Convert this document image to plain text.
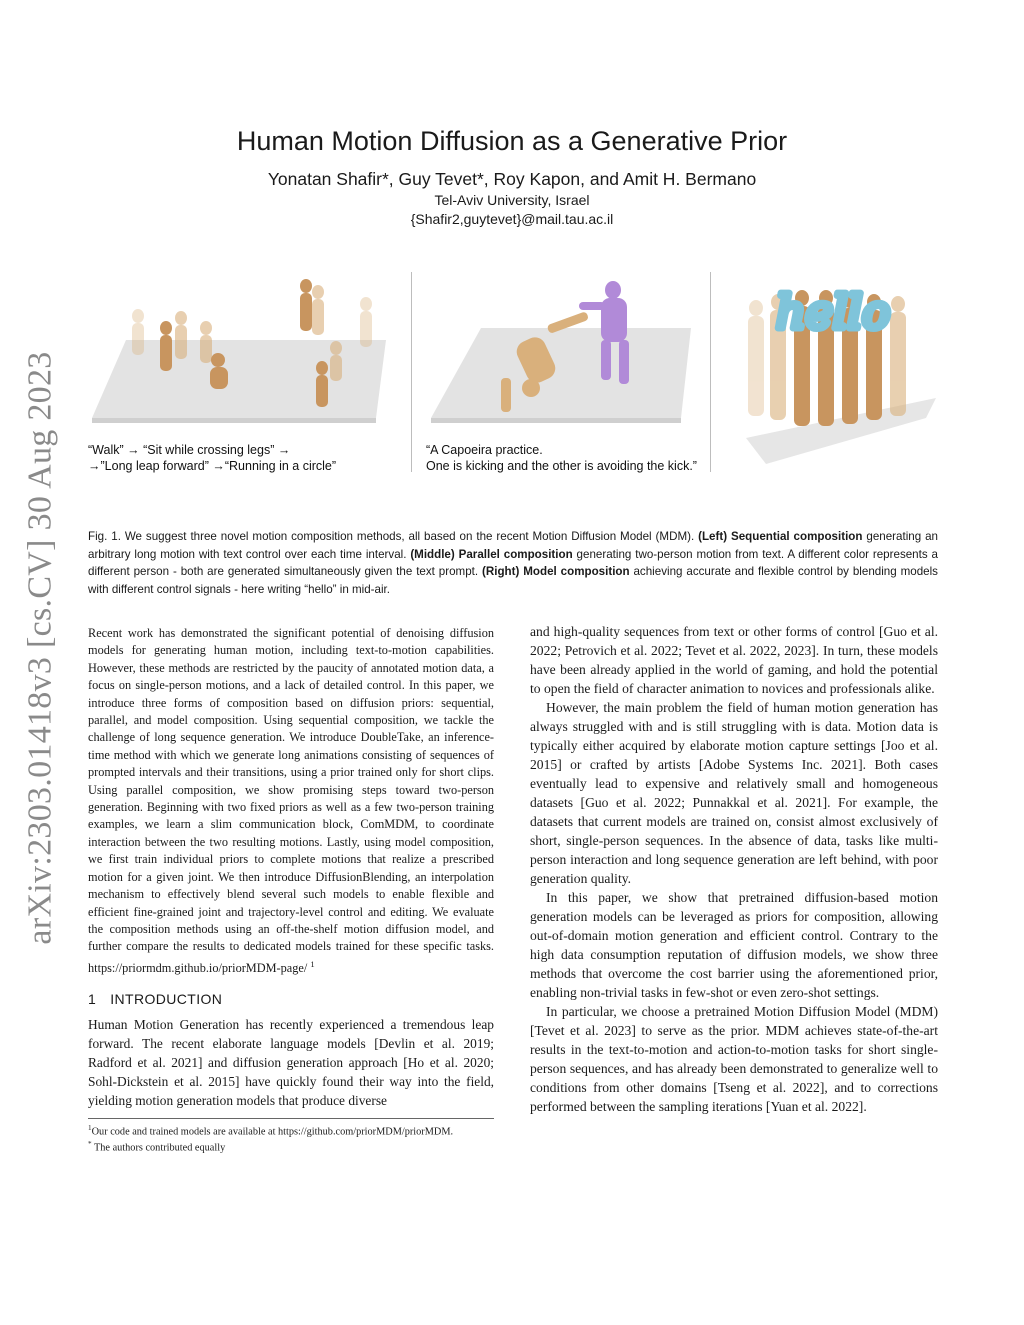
arXiv:2303.01418v3 [cs.CV] 30 Aug 2023
Human Motion Diffusion as a Generative Prior
Yonatan Shafir*, Guy Tevet*, Roy Kapon, and Amit H. Bermano
Tel-Aviv University, Israel
{Shafir2,guytevet}@mail.tau.ac.il
“Walk” → “Sit while crossing legs” →
→”Long leap forward” →“Running in a circle”
“A Capoeira practice.
One is kicking and the other is avoiding the kick.”
hello
Fig. 1. We suggest three novel motion composition methods, all based on the recent Motion Diffusion Model (MDM). (Left) Sequential composition generating an arbitrary long motion with text control over each time interval. (Middle) Parallel composition generating two-person motion from text. A different color represents a different person - both are generated simultaneously given the text prompt. (Right) Model composition achieving accurate and flexible control by blending models with different control signals - here writing “hello” in mid-air.

Recent work has demonstrated the significant potential of denoising diffusion models for generating human motion, including text-to-motion capabilities. However, these methods are restricted by the paucity of annotated motion data, a focus on single-person motions, and a lack of detailed control. In this paper, we introduce three forms of composition based on diffusion priors: sequential, parallel, and model composition. Using sequential composition, we tackle the challenge of long sequence generation. We introduce DoubleTake, an inference-time method with which we generate long animations consisting of sequences of prompted intervals and their transitions, using a prior trained only for short clips. Using parallel composition, we show promising steps toward two-person generation. Beginning with two fixed priors as well as a few two-person training examples, we learn a slim communication block, ComMDM, to coordinate interaction between the two resulting motions. Lastly, using model composition, we first train individual priors to complete motions that realize a prescribed motion for a given joint. We then introduce DiffusionBlending, an interpolation mechanism to effectively blend several such models to enable flexible and efficient fine-grained joint and trajectory-level control and editing. We evaluate the composition methods using an off-the-shelf motion diffusion model, and further compare the results to dedicated models trained for these specific tasks. https://priormdm.github.io/priorMDM-page/ $^1$

1 INTRODUCTION

Human Motion Generation has recently experienced a tremendous leap forward. The recent elaborate language models [Devlin et al. 2019; Radford et al. 2021] and diffusion generation approach [Ho et al. 2020; Sohl-Dickstein et al. 2015] have quickly found their way into the field, yielding motion generation models that produce diverse

$^1$Our code and trained models are available at https://github.com/priorMDM/priorMDM.

* The authors contributed equally

and high-quality sequences from text or other forms of control [Guo et al. 2022; Petrovich et al. 2022; Tevet et al. 2022, 2023]. In turn, these models have been already applied in the world of gaming, and hold the potential to open the field of character animation to novices and professionals alike.

However, the main problem the field of human motion generation has always struggled with and is still struggling with is data. Motion data is typically either acquired by elaborate motion capture settings [Joo et al. 2015] or crafted by artists [Adobe Systems Inc. 2021]. Both cases eventually lead to expensive and relatively small and homogeneous datasets [Guo et al. 2022; Punnakkal et al. 2021]. For example, the datasets that current models are trained on, consist almost exclusively of short, single-person sequences. In the absence of data, tasks like multi-person interaction and long sequence generation are left behind, with poor generation quality.

In this paper, we show that pretrained diffusion-based motion generation models can be leveraged as priors for composition, allowing out-of-domain motion generation and efficient control. Contrary to the high data consumption reputation of diffusion models, we show three methods that overcome the cost barrier using the aforementioned prior, enabling non-trivial tasks in few-shot or even zero-shot settings.

In particular, we choose a pretrained Motion Diffusion Model (MDM) [Tevet et al. 2023] to serve as the prior. MDM achieves state-of-the-art results in the text-to-motion and action-to-motion tasks for short single-person sequences, and has already been demonstrated to generalize well to conditions from other domains [Tseng et al. 2022], and to corrections performed between the sampling iterations [Yuan et al. 2022].
